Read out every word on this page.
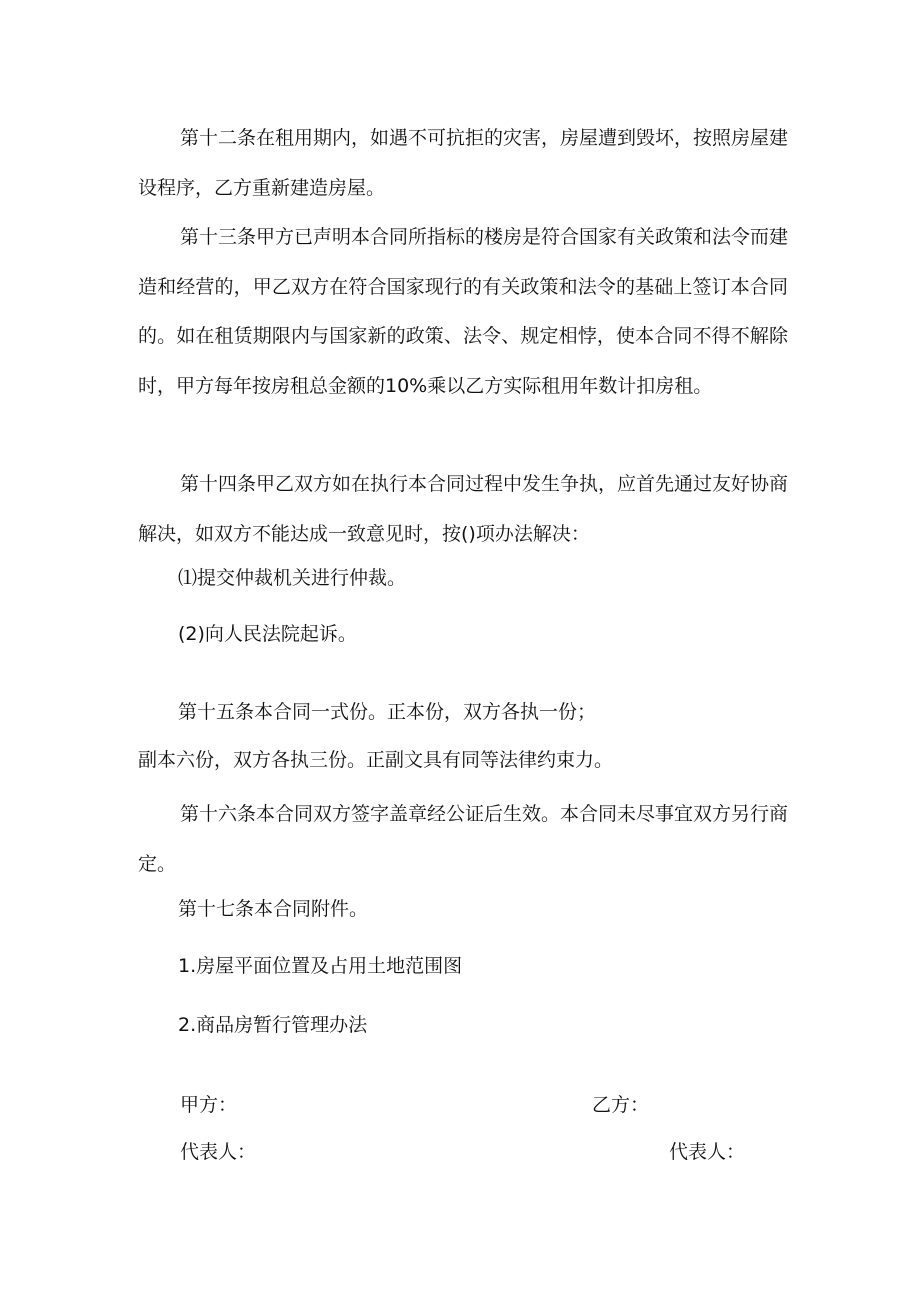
第十二条在租用期内，如遇不可抗拒的灾害，房屋遭到毁坏，按照房屋建设程序，乙方重新建造房屋。

第十三条甲方已声明本合同所指标的楼房是符合国家有关政策和法令而建造和经营的，甲乙双方在符合国家现行的有关政策和法令的基础上签订本合同的。如在租赁期限内与国家新的政策、法令、规定相悖，使本合同不得不解除时，甲方每年按房租总金额的10%乘以乙方实际租用年数计扣房租。

第十四条甲乙双方如在执行本合同过程中发生争执，应首先通过友好协商解决，如双方不能达成一致意见时，按()项办法解决：

⑴提交仲裁机关进行仲裁。

(2)向人民法院起诉。

第十五条本合同一式份。正本份，双方各执一份；

副本六份，双方各执三份。正副文具有同等法律约束力。

第十六条本合同双方签字盖章经公证后生效。本合同未尽事宜双方另行商定。

第十七条本合同附件。

1.房屋平面位置及占用土地范围图

2.商品房暂行管理办法

甲方：	乙方：

代表人：	代表人：
